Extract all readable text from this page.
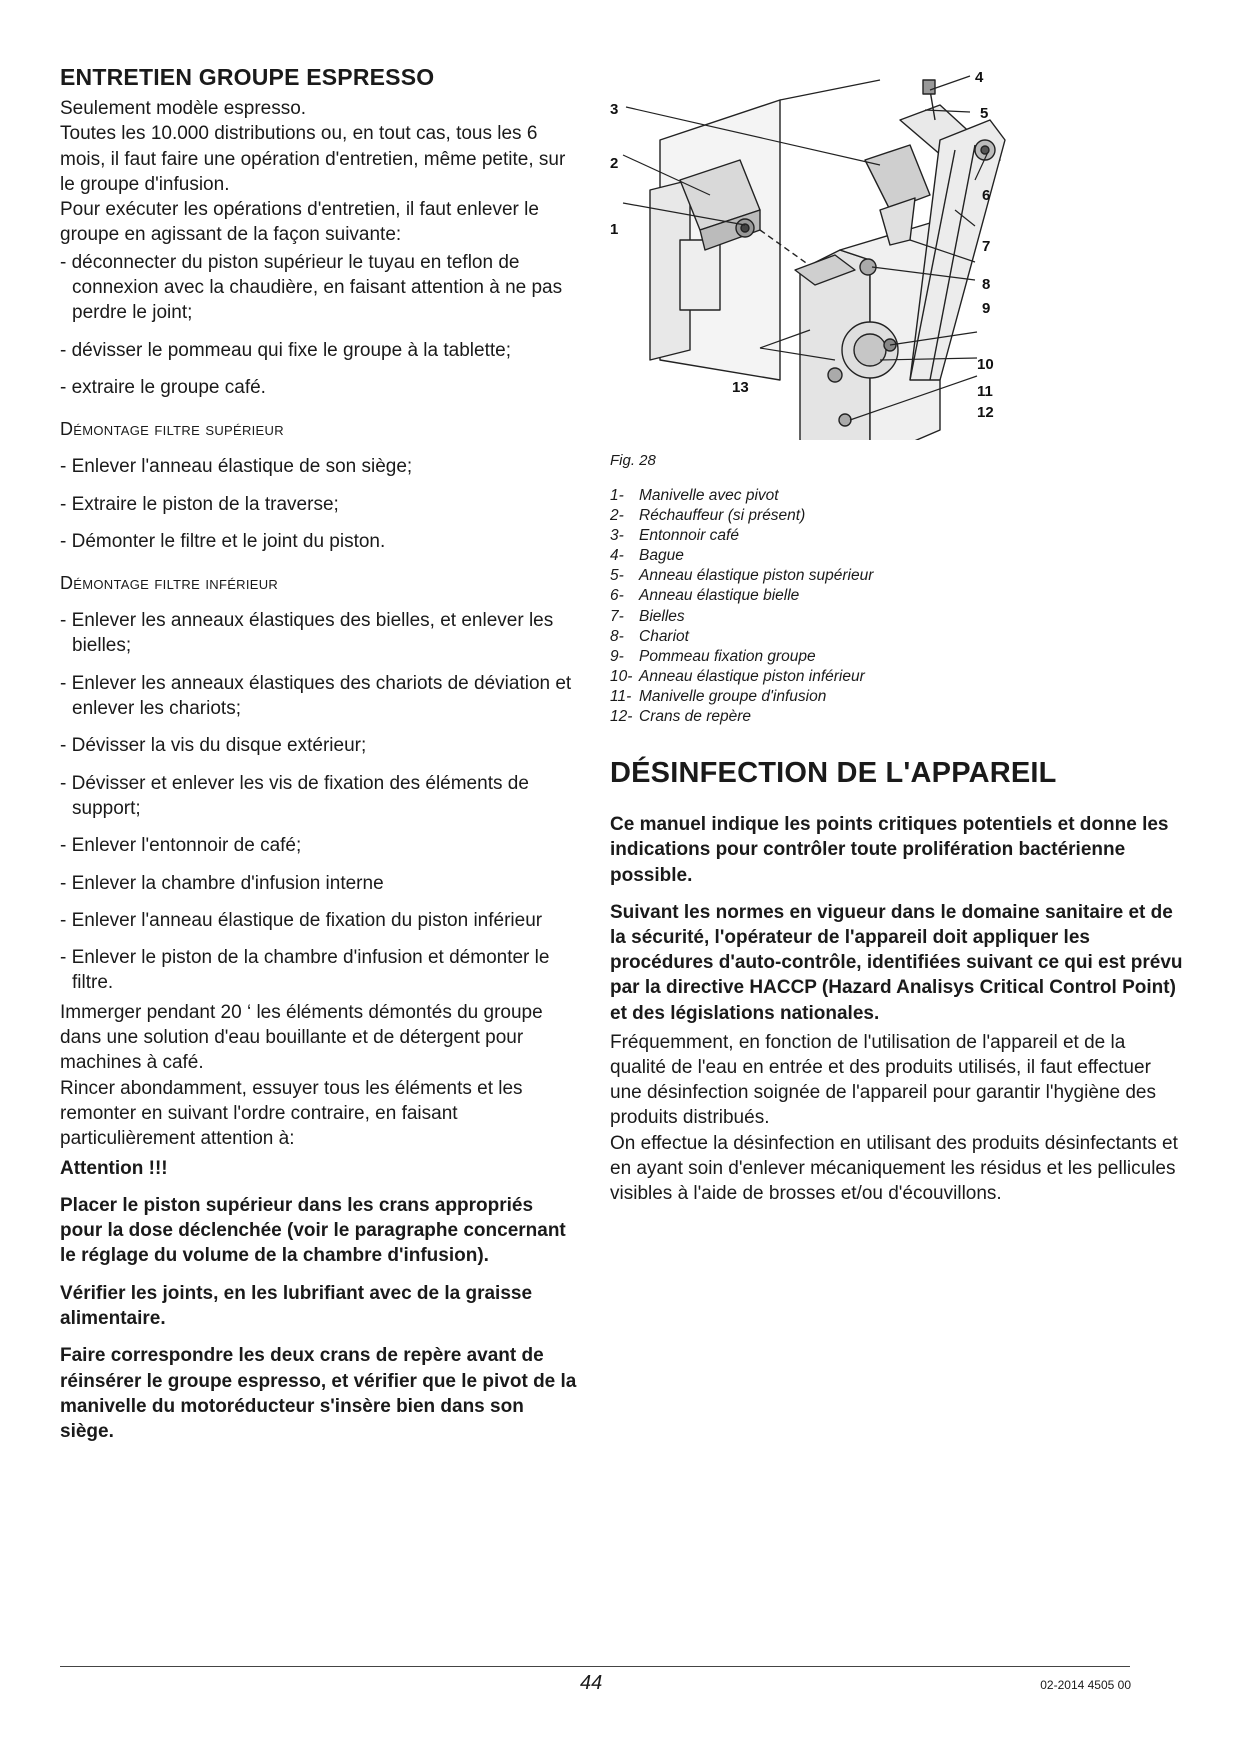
ENTRETIEN GROUPE ESPRESSO

Seulement modèle espresso.

Toutes les 10.000 distributions ou, en tout cas, tous les 6 mois, il faut faire une opération d'entretien, même petite, sur le groupe d'infusion.

Pour exécuter les opérations d'entretien, il faut enlever le groupe en agissant de la façon suivante:

- déconnecter du piston supérieur le tuyau en teflon de connexion avec la chaudière, en faisant attention à ne pas perdre le joint;

- dévisser le pommeau qui fixe le groupe à la tablette;

- extraire le groupe café.

Démontage filtre supérieur

- Enlever l'anneau élastique de son siège;

- Extraire le piston de la traverse;

- Démonter le filtre et le joint du piston.

Démontage filtre inférieur

- Enlever les anneaux élastiques des bielles, et enlever les bielles;

- Enlever les anneaux élastiques des chariots de déviation et enlever les chariots;

- Dévisser la vis du disque extérieur;

- Dévisser et enlever les vis de fixation des éléments de support;

- Enlever l'entonnoir de café;

- Enlever la chambre d'infusion interne

- Enlever l'anneau élastique de fixation du piston inférieur

- Enlever le piston de la chambre d'infusion et démonter le filtre.

Immerger pendant 20 ‘ les éléments démontés du groupe dans une solution d'eau bouillante et de détergent pour machines à café.

Rincer abondamment, essuyer tous les éléments et les remonter en suivant l'ordre contraire, en faisant particulièrement attention à:

Attention !!!

Placer le piston supérieur dans les crans appropriés pour la dose déclenchée (voir le paragraphe concernant le réglage du volume de la chambre d'infusion).

Vérifier les joints, en les lubrifiant avec de la graisse alimentaire.

Faire correspondre les deux crans de repère avant de réinsérer le groupe espresso, et vérifier que le pivot de la manivelle du motoréducteur s'insère bien dans son siège.

3
2
1
4
5
6
7
8
9
10
11
12
13

Fig. 28

1- Manivelle avec pivot
2- Réchauffeur (si présent)
3- Entonnoir café
4- Bague
5- Anneau élastique piston supérieur
6- Anneau élastique bielle
7- Bielles
8- Chariot
9- Pommeau fixation groupe
10- Anneau élastique piston inférieur
11- Manivelle groupe d'infusion
12- Crans de repère
DÉSINFECTION DE L'APPAREIL

Ce manuel indique les points critiques potentiels et donne les indications pour contrôler toute prolifération bactérienne possible.

Suivant les normes en vigueur dans le domaine sanitaire et de la sécurité, l'opérateur de l'appareil doit appliquer les procédures d'auto-contrôle, identifiées suivant ce qui est prévu par la directive HACCP (Hazard Analisys Critical Control Point) et des législations nationales.

Fréquemment, en fonction de l'utilisation de l'appareil et de la qualité de l'eau en entrée et des produits utilisés, il faut effectuer une désinfection soignée de l'appareil pour garantir l'hygiène des produits distribués.

On effectue la désinfection en utilisant des produits désinfectants et en ayant soin d'enlever mécaniquement les résidus et les pellicules visibles à l'aide de brosses et/ou d'écouvillons.

44	02-2014 4505 00
